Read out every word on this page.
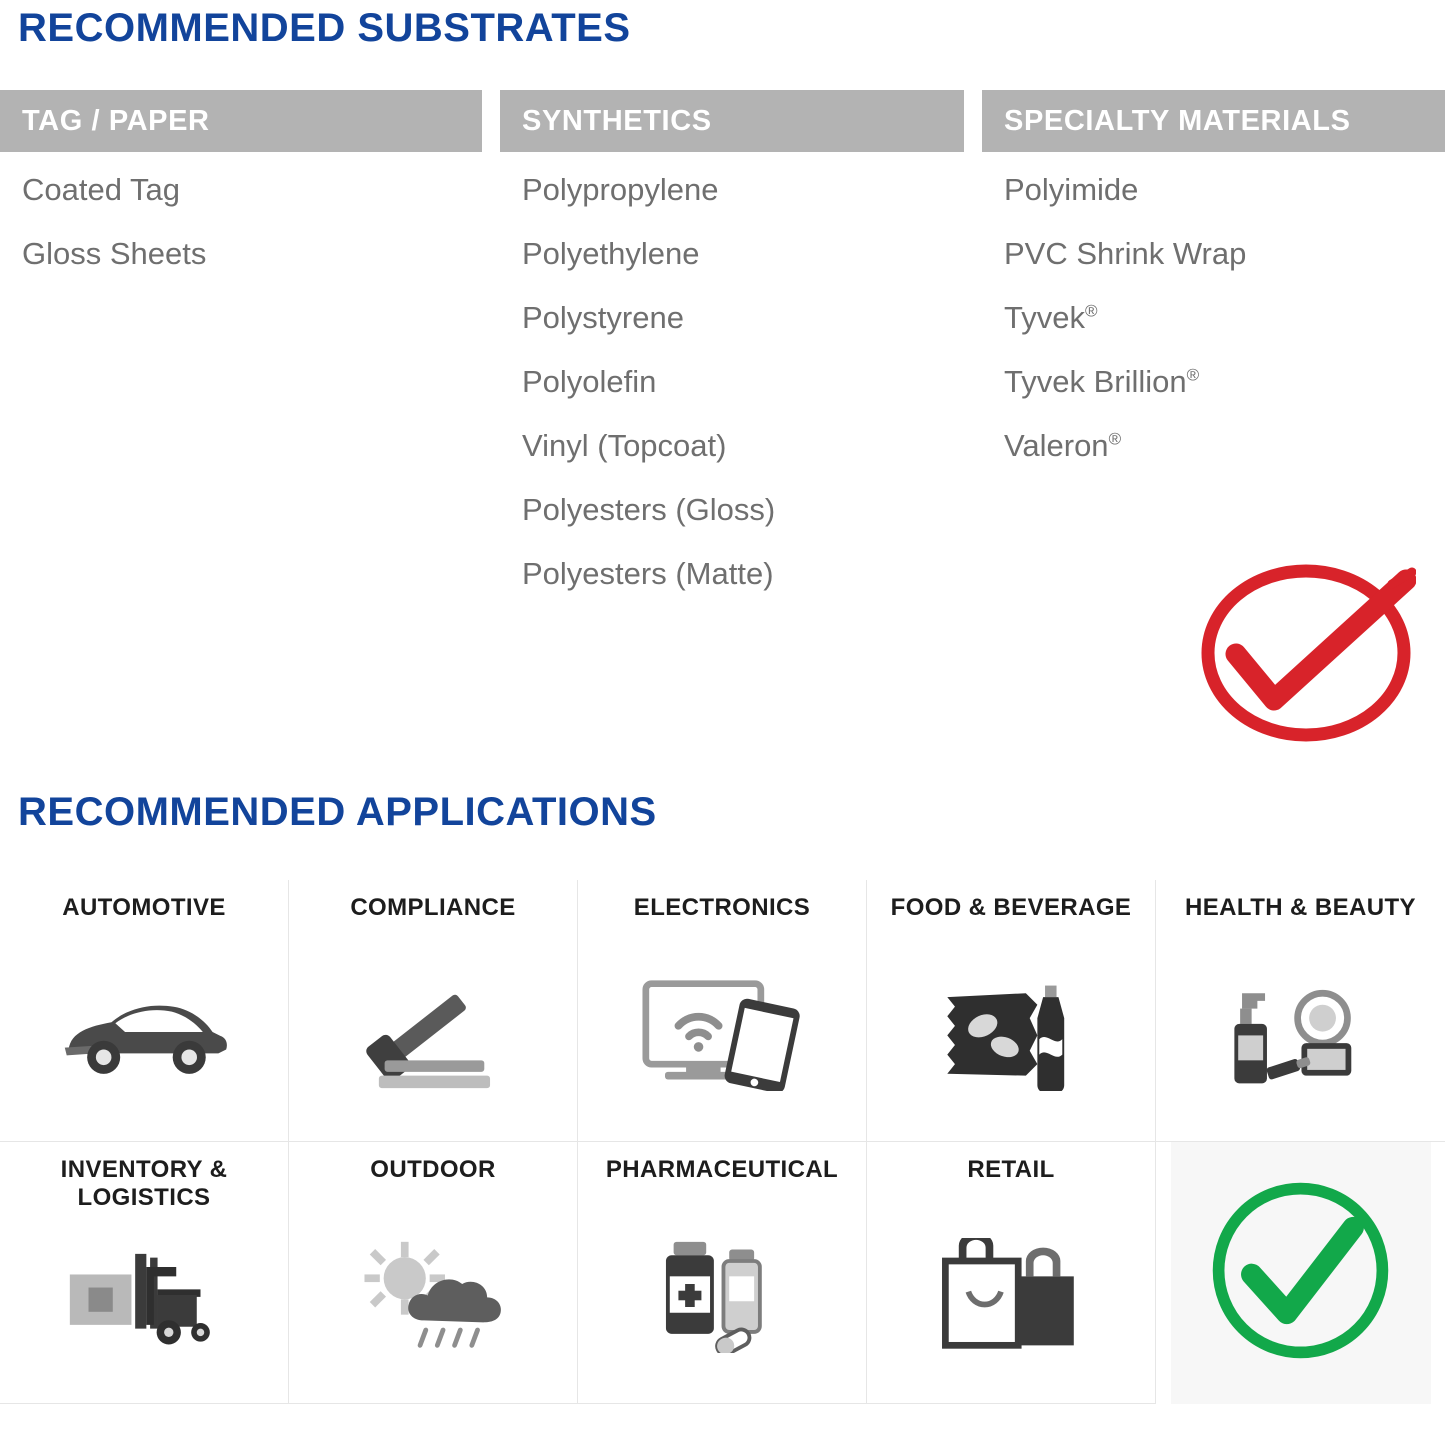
RECOMMENDED SUBSTRATES
TAG / PAPER
Coated Tag
Gloss Sheets
SYNTHETICS
Polypropylene
Polyethylene
Polystyrene
Polyolefin
Vinyl (Topcoat)
Polyesters (Gloss)
Polyesters (Matte)
SPECIALTY MATERIALS
Polyimide
PVC Shrink Wrap
Tyvek®
Tyvek Brillion®
Valeron®
RECOMMENDED APPLICATIONS
AUTOMOTIVE	COMPLIANCE	ELECTRONICS	FOOD & BEVERAGE HEALTH & BEAUTY
INVENTORY & LOGISTICS
OUTDOOR	PHARMACEUTICAL	RETAIL
